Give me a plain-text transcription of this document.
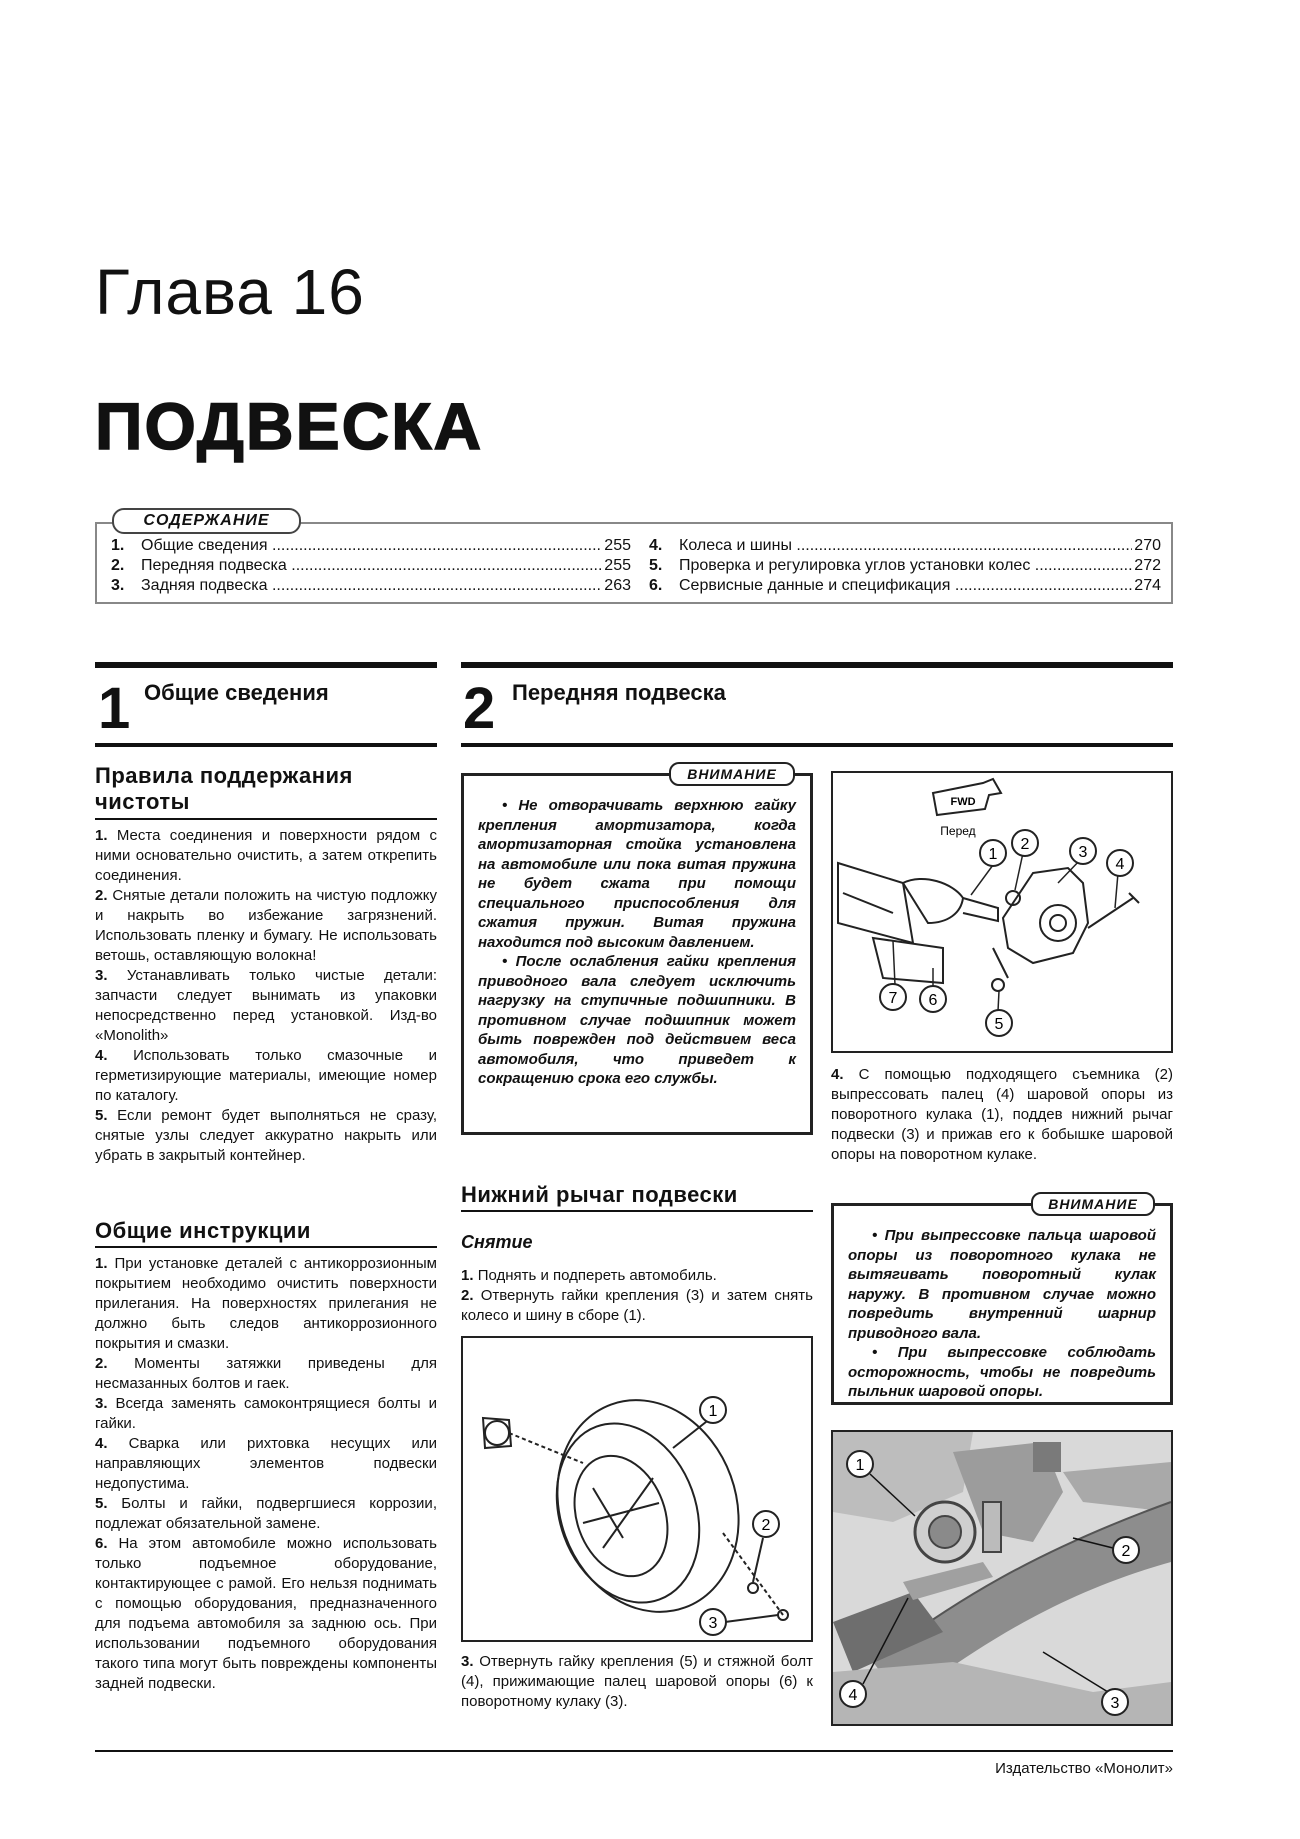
Глава 16
ПОДВЕСКА
1.	Общие сведения .....	255
2.	Передняя подвеска .....	255
3.	Задняя подвеска .....	263
4.	Колеса и шины .....	270
5.	Проверка и регулировка углов установки колес .....	272
6.	Сервисные данные и спецификация .....	274
СОДЕРЖАНИЕ
1 Общие сведения
Правила поддержания чистоты

1. Места соединения и поверхности рядом с ними основательно очистить, а затем открепить соединения.

2. Снятые детали положить на чистую подложку и накрыть во избежание загрязнений. Использовать пленку и бумагу. Не использовать ветошь, оставляющую волокна!

3. Устанавливать только чистые детали: запчасти следует вынимать из упаковки непосредственно перед установкой. Изд-во «Monolith»

4. Использовать только смазочные и герметизирующие материалы, имеющие номер по каталогу.

5. Если ремонт будет выполняться не сразу, снятые узлы следует аккуратно накрыть или убрать в закрытый контейнер.

Общие инструкции

1. При установке деталей с антикоррозионным покрытием необходимо очистить поверхности прилегания. На поверхностях прилегания не должно быть следов антикоррозионного покрытия и смазки.

2. Моменты затяжки приведены для несмазанных болтов и гаек.

3. Всегда заменять самоконтрящиеся болты и гайки.

4. Сварка или рихтовка несущих или направляющих элементов подвески недопустима.

5. Болты и гайки, подвергшиеся коррозии, подлежат обязательной замене.

6. На этом автомобиле можно использовать только подъемное оборудование, контактирующее с рамой. Его нельзя поднимать с помощью оборудования, предназначенного для подъема автомобиля за заднюю ось. При использовании подъемного оборудования такого типа могут быть повреждены компоненты задней подвески.

2 Передняя подвеска

• Не отворачивать верхнюю гайку крепления амортизатора, когда амортизаторная стойка установлена на автомобиле или пока витая пружина не будет сжата при помощи специального приспособления для сжатия пружин. Витая пружина находится под высоким давлением.

• После ослабления гайки крепления приводного вала следует исключить нагрузку на ступичные подшипники. В противном случае подшипник может быть поврежден под действием веса автомобиля, что приведет к сокращению срока его службы.

ВНИМАНИЕ
Нижний рычаг подвески
Снятие

1. Поднять и подпереть автомобиль.

2. Отвернуть гайки крепления (3) и затем снять колесо и шину в сборе (1).

1
2
3

3. Отвернуть гайку крепления (5) и стяжной болт (4), прижимающие палец шаровой опоры (6) к поворотному кулаку (3).

FWD
Перед
1
2	3
4
5
6
7

4. С помощью подходящего съемника (2) выпрессовать палец (4) шаровой опоры из поворотного кулака (1), поддев нижний рычаг подвески (3) и прижав его к бобышке шаровой опоры на поворотном кулаке.

• При выпрессовке пальца шаровой опоры из поворотного кулака не вытягивать поворотный кулак наружу. В противном случае можно повредить внутренний шарнир приводного вала.

• При выпрессовке соблюдать осторожность, чтобы не повредить пыльник шаровой опоры.

ВНИМАНИЕ
1
2
3
4
Издательство «Монолит»
